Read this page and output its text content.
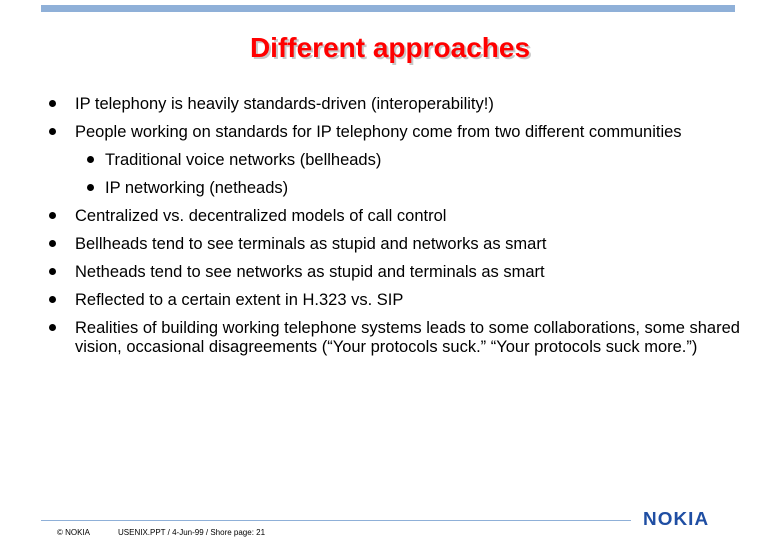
Different approaches
IP telephony is heavily standards-driven (interoperability!)
People working on standards for IP telephony come from two different communities
Traditional voice networks (bellheads)
IP networking (netheads)
Centralized vs. decentralized models of call control
Bellheads tend to see terminals as stupid and networks as smart
Netheads tend to see networks as stupid and terminals as smart
Reflected to a certain extent in H.323 vs. SIP
Realities of building working telephone systems leads to some collaborations, some shared vision, occasional disagreements (“Your protocols suck.” “Your protocols suck more.”)
© NOKIA	USENIX.PPT / 4-Jun-99 / Shore page: 21
NOKIA
